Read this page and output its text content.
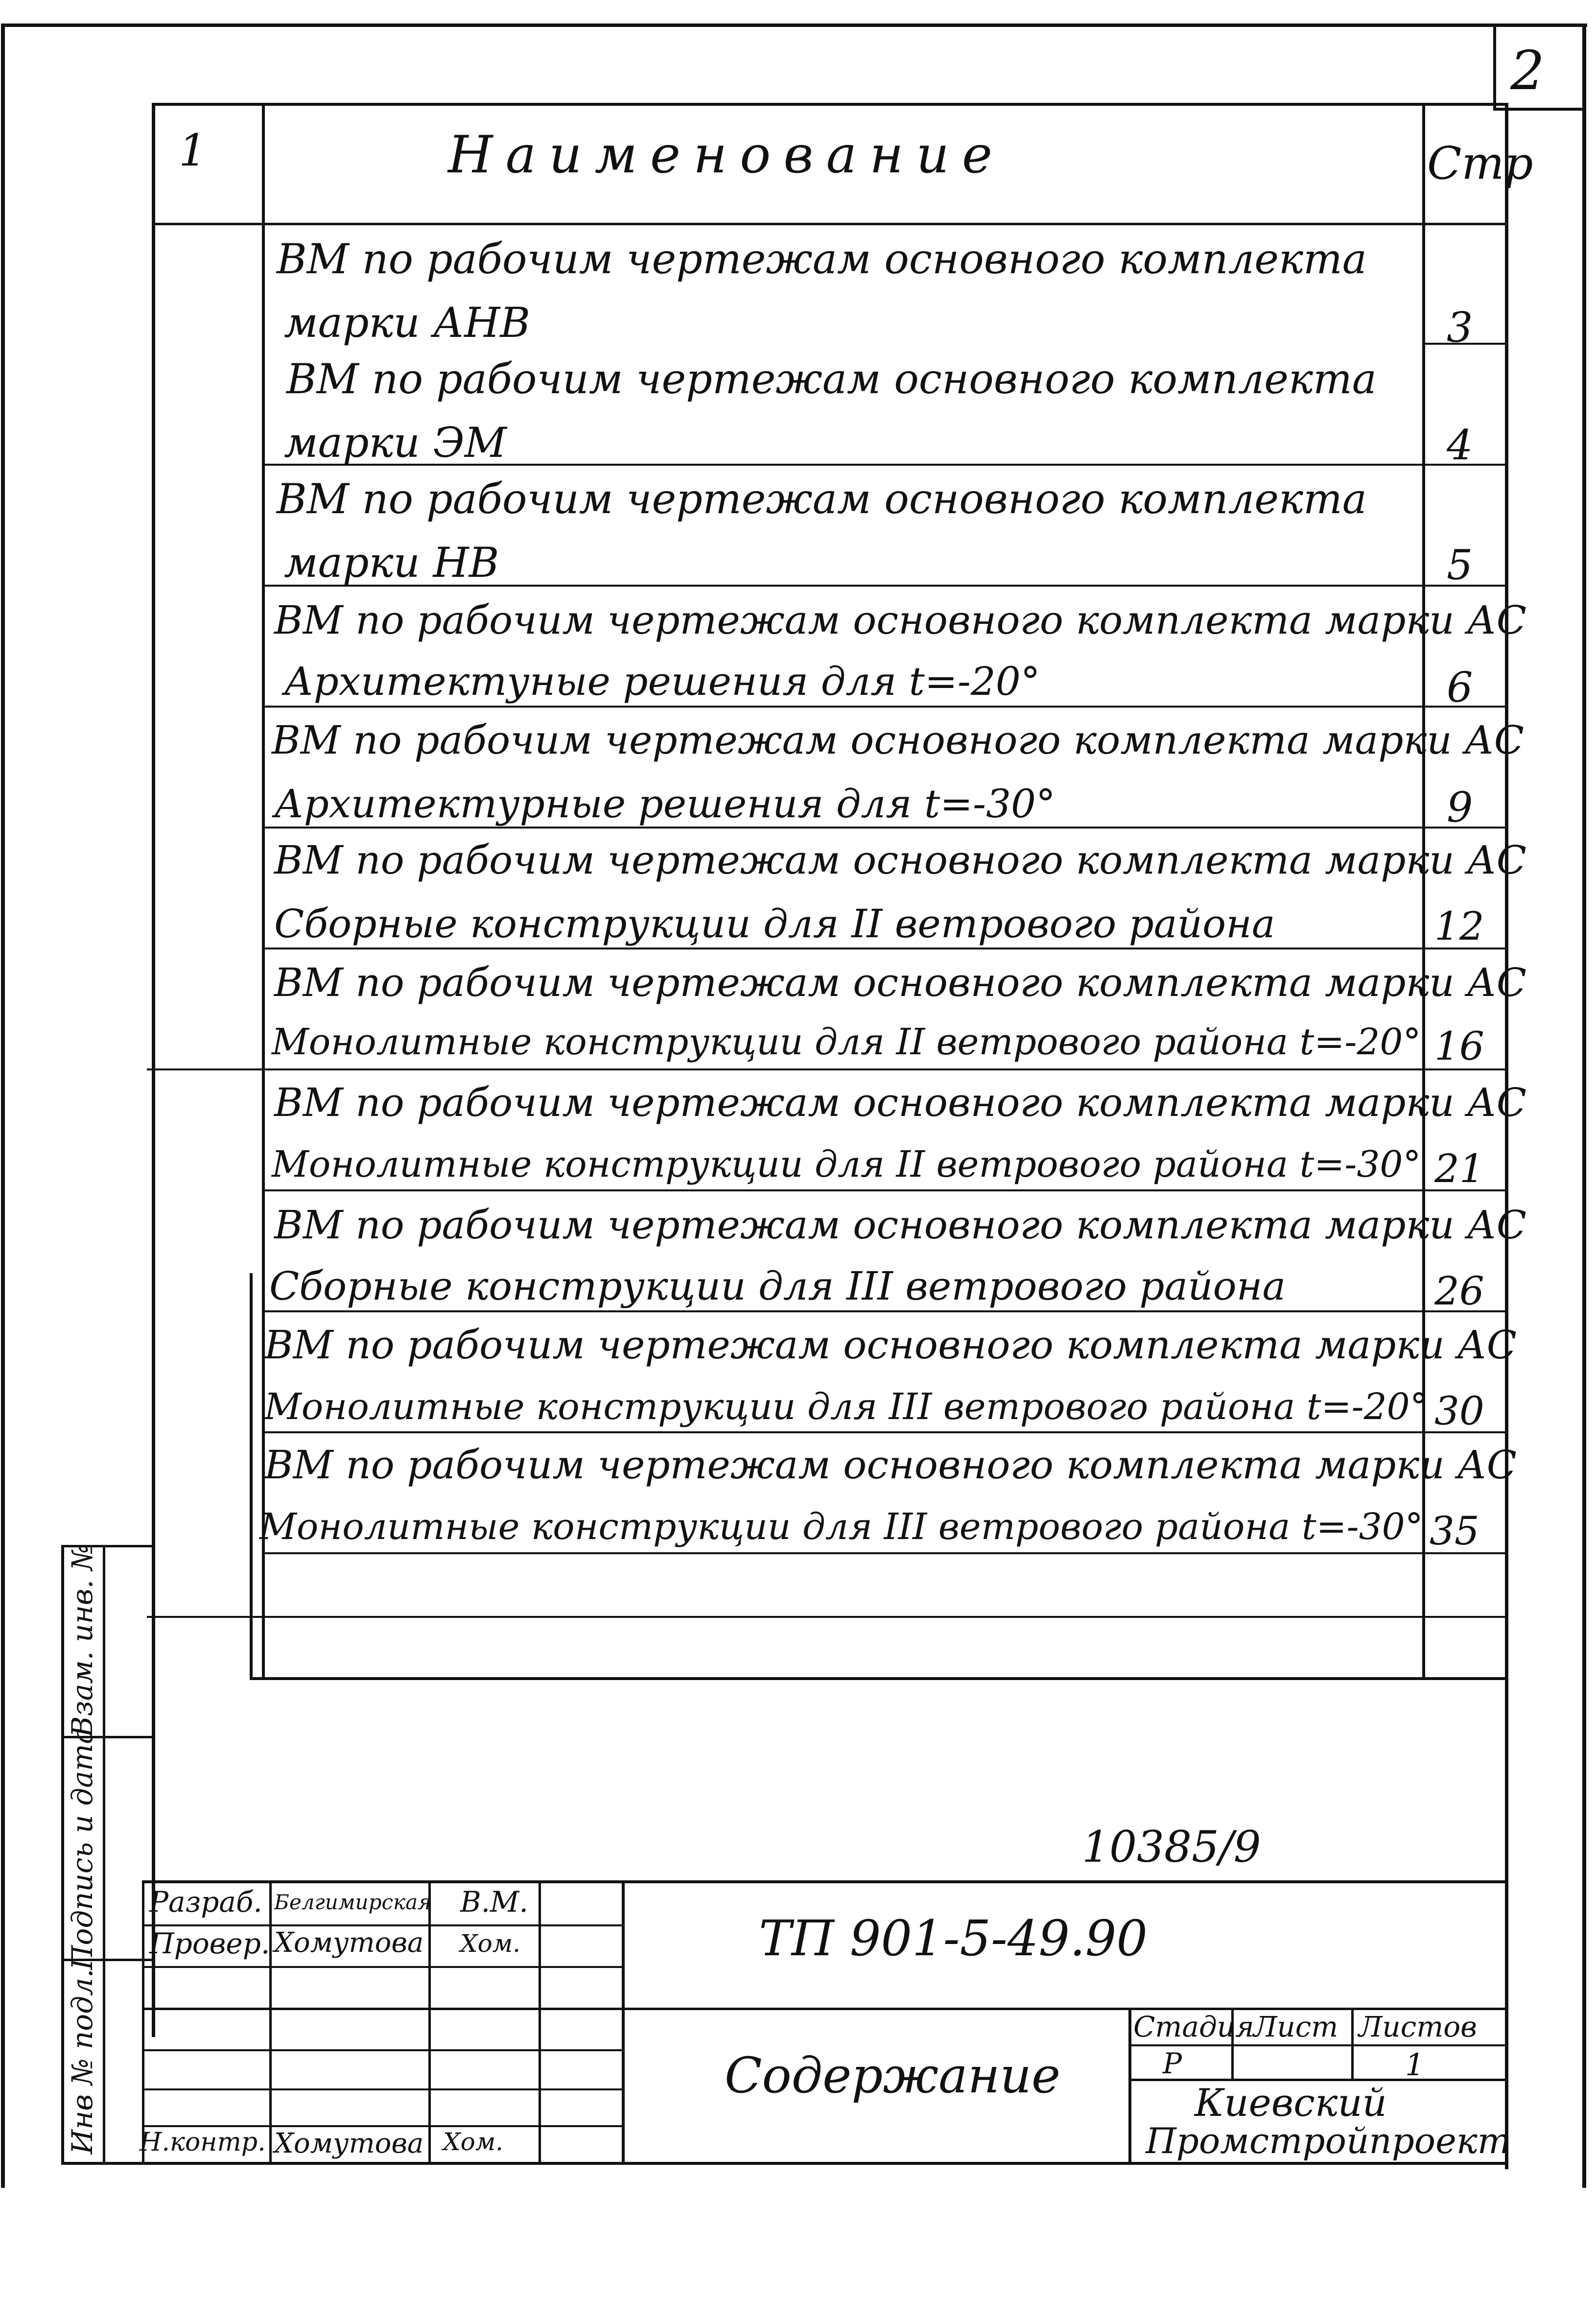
2
1	Наименование	Стр
ВМ по рабочим чертежам основного комплекта
марки АНВ	3
ВМ по рабочим чертежам основного комплекта
марки ЭМ	4
ВМ по рабочим чертежам основного комплекта
марки НВ	5
ВМ по рабочим чертежам основного комплекта марки АС
Архитектуные решения для t=-20°	6
ВМ по рабочим чертежам основного комплекта марки АС
Архитектурные решения для t=-30°	9
ВМ по рабочим чертежам основного комплекта марки АС
Сборные конструкции для II ветрового района	12
ВМ по рабочим чертежам основного комплекта марки АС
Монолитные конструкции для II ветрового района t=-20° 16
ВМ по рабочим чертежам основного комплекта марки АС
Монолитные конструкции для II ветрового района t=-30° 21
ВМ по рабочим чертежам основного комплекта марки АС
Сборные конструкции для III ветрового района	26
ВМ по рабочим чертежам основного комплекта марки АС
Монолитные конструкции для III ветрового района t=-20° 30
ВМ по рабочим чертежам основного комплекта марки АС
Монолитные конструкции для III ветрового района t=-30° 35
Взам. инв. №
Подпись и дата
Инв № подл.
10385/9
Разраб. Белгимирская В.М.
Провер. Хомутова Хом.
Н.контр. Хомутова Хом.
ТП 901-5-49.90
Содержание
Стадия
Лист Листов
Р	1
Киевский
Промстройпроект
